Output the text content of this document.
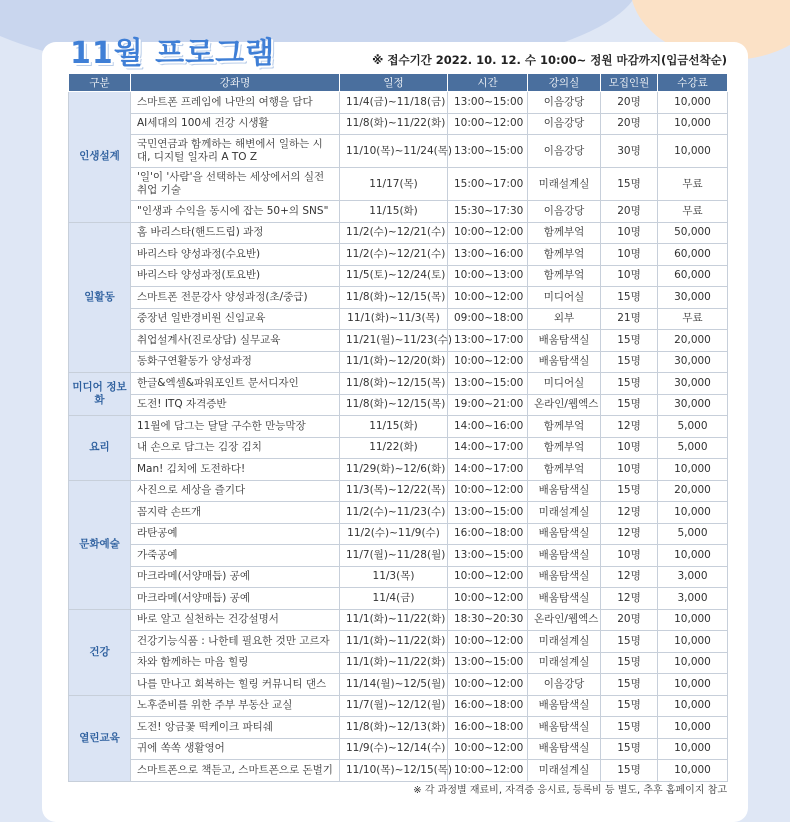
11월 프로그램	※ 접수기간 2022. 10. 12. 수 10:00~ 정원 마감까지(입금선착순)
구분	강좌명	일정	시간	강의실	모집인원	수강료
인생설계	스마트폰 프레임에 나만의 여행을 담다	11/4(금)~11/18(금)	13:00~15:00	이음강당	20명	10,000
	AI세대의 100세 건강 시생활	11/8(화)~11/22(화)	10:00~12:00	이음강당	20명	10,000
	국민연금과 함께하는 해변에서 일하는 시대, 디지털 일자리 A TO Z	11/10(목)~11/24(목)	13:00~15:00	이음강당	30명	10,000
	'일'이 '사람'을 선택하는 세상에서의 실전 취업 기술	11/17(목)	15:00~17:00	미래설계실	15명	무료
	"인생과 수익을 동시에 잡는 50+의 SNS"	11/15(화)	15:30~17:30	이음강당	20명	무료
일활동	홈 바리스타(핸드드립) 과정	11/2(수)~12/21(수)	10:00~12:00	함께부엌	10명	50,000
	바리스타 양성과정(수요반)	11/2(수)~12/21(수)	13:00~16:00	함께부엌	10명	60,000
	바리스타 양성과정(토요반)	11/5(토)~12/24(토)	10:00~13:00	함께부엌	10명	60,000
	스마트폰 전문강사 양성과정(초/중급)	11/8(화)~12/15(목)	10:00~12:00	미디어실	15명	30,000
	중장년 일반경비원 신임교육	11/1(화)~11/3(목)	09:00~18:00	외부	21명	무료
	취업설계사(진로상담) 실무교육	11/21(월)~11/23(수)	13:00~17:00	배움탐색실	15명	20,000
	동화구연활동가 양성과정	11/1(화)~12/20(화)	10:00~12:00	배움탐색실	15명	30,000
미디어 정보화	한글&엑셀&파워포인트 문서디자인	11/8(화)~12/15(목)	13:00~15:00	미디어실	15명	30,000
	도전! ITQ 자격증반	11/8(화)~12/15(목)	19:00~21:00	온라인/웹엑스	15명	30,000
요리	11월에 담그는 달달 구수한 만능막장	11/15(화)	14:00~16:00	함께부엌	12명	5,000
	내 손으로 담그는 김장 김치	11/22(화)	14:00~17:00	함께부엌	10명	5,000
	Man! 김치에 도전하다!	11/29(화)~12/6(화)	14:00~17:00	함께부엌	10명	10,000
문화예술	사진으로 세상을 즐기다	11/3(목)~12/22(목)	10:00~12:00	배움탐색실	15명	20,000
	꼼지락 손뜨개	11/2(수)~11/23(수)	13:00~15:00	미래설계실	12명	10,000
	라탄공예	11/2(수)~11/9(수)	16:00~18:00	배움탐색실	12명	5,000
	가죽공예	11/7(월)~11/28(월)	13:00~15:00	배움탐색실	10명	10,000
	마크라메(서양매듭) 공예	11/3(목)	10:00~12:00	배움탐색실	12명	3,000
	마크라메(서양매듭) 공예	11/4(금)	10:00~12:00	배움탐색실	12명	3,000
건강	바로 알고 실천하는 건강설명서	11/1(화)~11/22(화)	18:30~20:30	온라인/웹엑스	20명	10,000
	건강기능식품 : 나한테 필요한 것만 고르자	11/1(화)~11/22(화)	10:00~12:00	미래설계실	15명	10,000
	차와 함께하는 마음 힐링	11/1(화)~11/22(화)	13:00~15:00	미래설계실	15명	10,000
	나를 만나고 회복하는 힐링 커뮤니티 댄스	11/14(월)~12/5(월)	10:00~12:00	이음강당	15명	10,000
열린교육	노후준비를 위한 주부 부동산 교실	11/7(월)~12/12(월)	16:00~18:00	배움탐색실	15명	10,000
	도전! 앙금꽃 떡케이크 파티쉐	11/8(화)~12/13(화)	16:00~18:00	배움탐색실	15명	10,000
	귀에 쏙쏙 생활영어	11/9(수)~12/14(수)	10:00~12:00	배움탐색실	15명	10,000
	스마트폰으로 책듣고, 스마트폰으로 돈벌기	11/10(목)~12/15(목)	10:00~12:00	미래설계실	15명	10,000
※ 각 과정별 재료비, 자격증 응시료, 등록비 등 별도, 추후 홈페이지 참고
